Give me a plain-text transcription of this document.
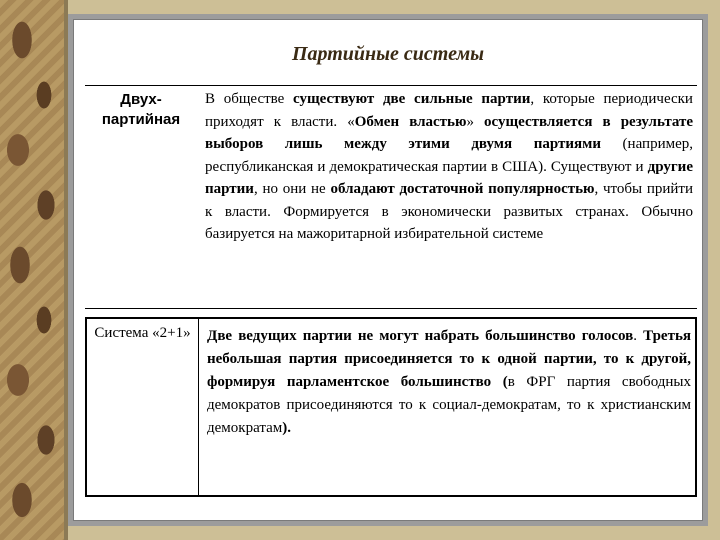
Партийные системы
Двух-партийная
В обществе существуют две сильные партии, которые периодически приходят к власти. «Обмен властью» осуществляется в результате выборов лишь между этими двумя партиями (например, республиканская и демократическая партии в США). Существуют и другие партии, но они не обладают достаточной популярностью, чтобы прийти к власти. Формируется в экономически развитых странах. Обычно базируется на мажоритарной избирательной системе
Система «2+1»	Две ведущих партии не могут набрать большинство голосов. Третья небольшая партия присоединяется то к одной партии, то к другой, формируя парламентское большинство (в ФРГ партия свободных демократов присоединяются то к социал-демократам, то к христианским демократам).
